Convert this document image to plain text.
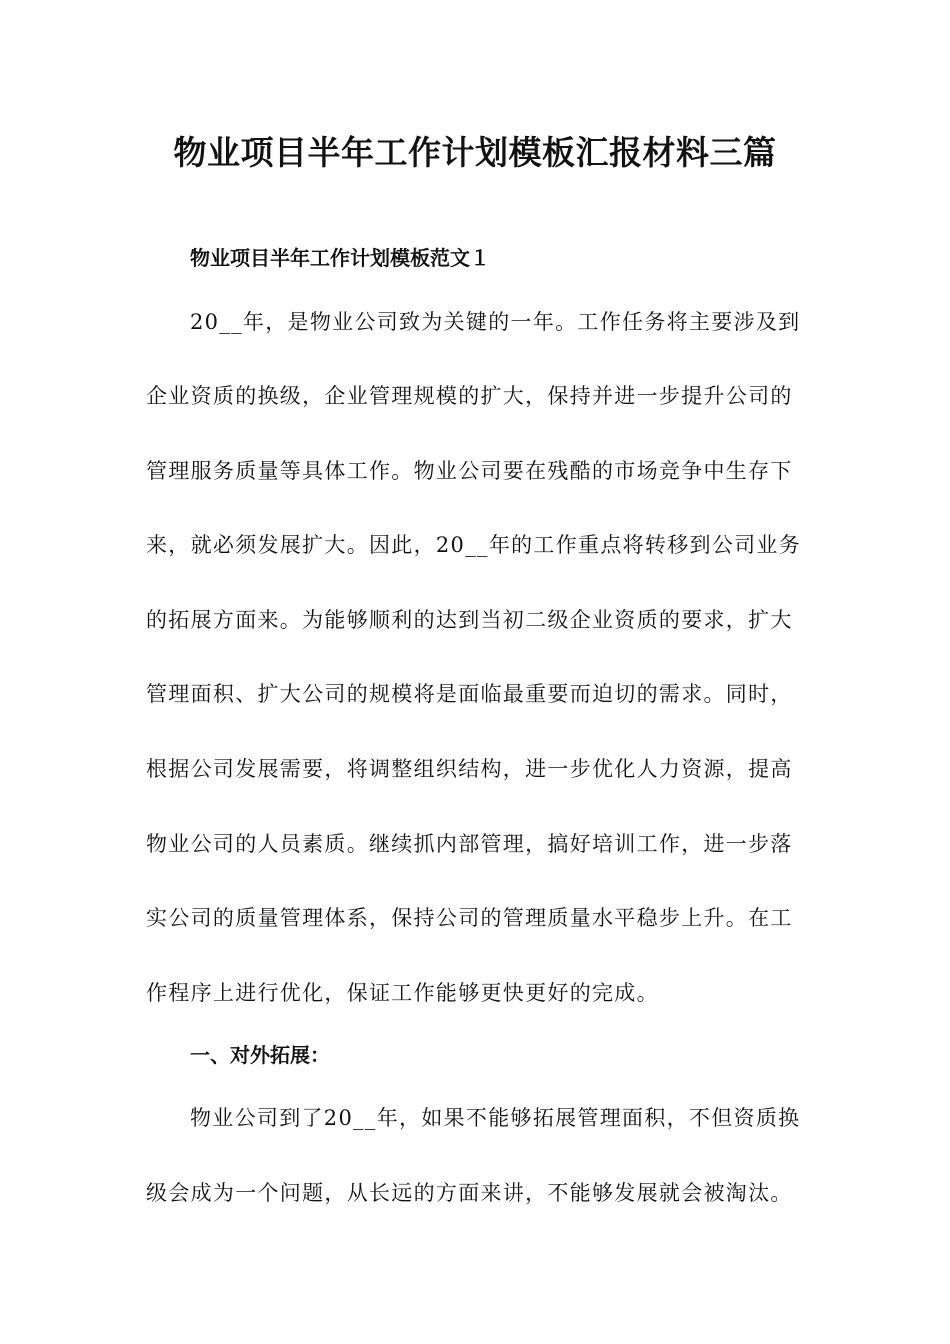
物业项目半年工作计划模板汇报材料三篇
物业项目半年工作计划模板范文１

20__年，是物业公司致为关键的一年。工作任务将主要涉及到

企业资质的换级，企业管理规模的扩大，保持并进一步提升公司的

管理服务质量等具体工作。物业公司要在残酷的市场竞争中生存下

来，就必须发展扩大。因此，20__年的工作重点将转移到公司业务

的拓展方面来。为能够顺利的达到当初二级企业资质的要求，扩大

管理面积、扩大公司的规模将是面临最重要而迫切的需求。同时，

根据公司发展需要，将调整组织结构，进一步优化人力资源，提高

物业公司的人员素质。继续抓内部管理，搞好培训工作，进一步落

实公司的质量管理体系，保持公司的管理质量水平稳步上升。在工

作程序上进行优化，保证工作能够更快更好的完成。

一、对外拓展：

物业公司到了20__年，如果不能够拓展管理面积，不但资质换

级会成为一个问题，从长远的方面来讲，不能够发展就会被淘汰。
